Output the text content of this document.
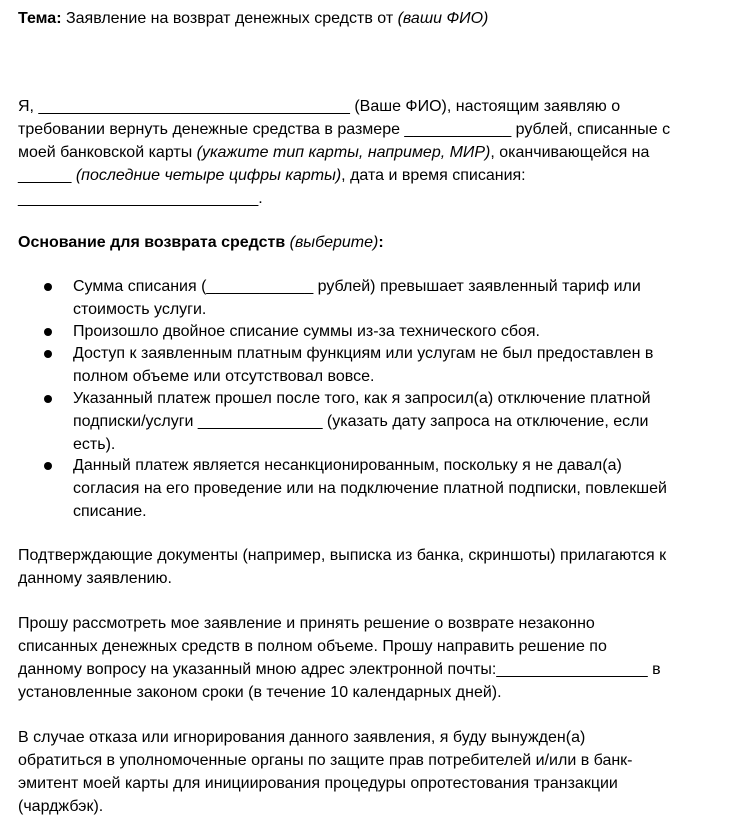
Тема: Заявление на возврат денежных средств от (ваши ФИО)
Я, ___________________________________ (Ваше ФИО), настоящим заявляю о
требовании вернуть денежные средства в размере ____________ рублей, списанные с
моей банковской карты (укажите тип карты, например, МИР), оканчивающейся на
______ (последние четыре цифры карты), дата и время списания:
___________________________.
Основание для возврата средств (выберите):
Сумма списания (____________ рублей) превышает заявленный тариф или
стоимость услуги.
Произошло двойное списание суммы из-за технического сбоя.
Доступ к заявленным платным функциям или услугам не был предоставлен в
полном объеме или отсутствовал вовсе.
Указанный платеж прошел после того, как я запросил(а) отключение платной
подписки/услуги ______________ (указать дату запроса на отключение, если
есть).
Данный платеж является несанкционированным, поскольку я не давал(а)
согласия на его проведение или на подключение платной подписки, повлекшей
списание.
Подтверждающие документы (например, выписка из банка, скриншоты) прилагаются к
данному заявлению.
Прошу рассмотреть мое заявление и принять решение о возврате незаконно
списанных денежных средств в полном объеме. Прошу направить решение по
данному вопросу на указанный мною адрес электронной почты:_________________ в
установленные законом сроки (в течение 10 календарных дней).
В случае отказа или игнорирования данного заявления, я буду вынужден(а)
обратиться в уполномоченные органы по защите прав потребителей и/или в банк-
эмитент моей карты для инициирования процедуры опротестования транзакции
(чарджбэк).
